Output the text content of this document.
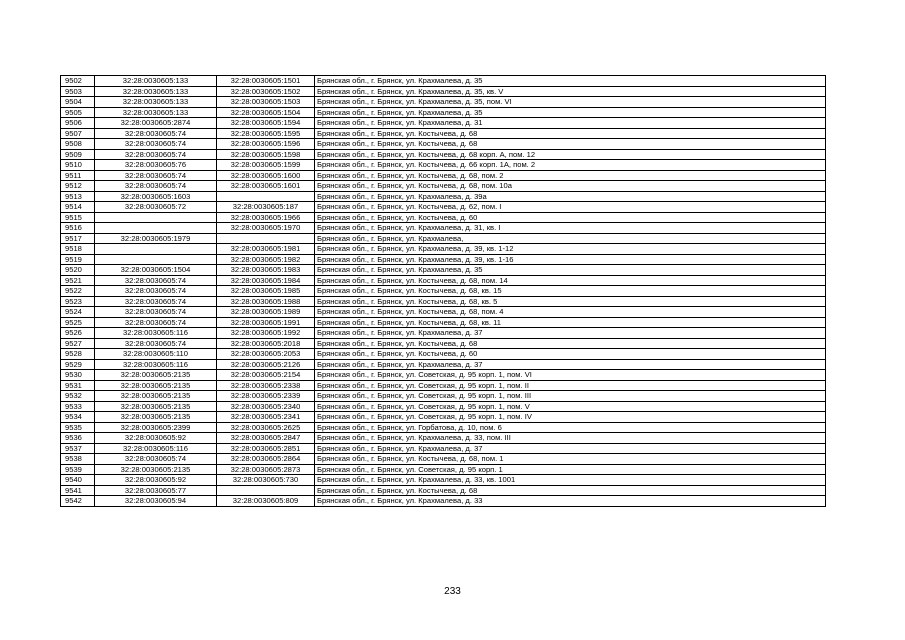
9502	32:28:0030605:133	32:28:0030605:1501	Брянская обл., г. Брянск, ул. Крахмалева, д. 35
9503	32:28:0030605:133	32:28:0030605:1502	Брянская обл., г. Брянск, ул. Крахмалева, д. 35, кв. V
9504	32:28:0030605:133	32:28:0030605:1503	Брянская обл., г. Брянск, ул. Крахмалева, д. 35, пом. VI
9505	32:28:0030605:133	32:28:0030605:1504	Брянская обл., г. Брянск, ул. Крахмалева, д. 35
9506	32:28:0030605:2874	32:28:0030605:1594	Брянская обл., г. Брянск, ул. Крахмалева, д. 31
9507	32:28:0030605:74	32:28:0030605:1595	Брянская обл., г. Брянск, ул. Костычева, д. 68
9508	32:28:0030605:74	32:28:0030605:1596	Брянская обл., г. Брянск, ул. Костычева, д. 68
9509	32:28:0030605:74	32:28:0030605:1598	Брянская обл., г. Брянск, ул. Костычева, д. 68 корп. А, пом. 12
9510	32:28:0030605:76	32:28:0030605:1599	Брянская обл., г. Брянск, ул. Костычева, д. 66 корп. 1А, пом. 2
9511	32:28:0030605:74	32:28:0030605:1600	Брянская обл., г. Брянск, ул. Костычева, д. 68, пом. 2
9512	32:28:0030605:74	32:28:0030605:1601	Брянская обл., г. Брянск, ул. Костычева, д. 68, пом. 10а
9513	32:28:0030605:1603		Брянская обл., г. Брянск, ул. Крахмалева, д. 39а
9514	32:28:0030605:72	32:28:0030605:187	Брянская обл., г. Брянск, ул. Костычева, д. 62, пом. I
9515		32:28:0030605:1966	Брянская обл., г. Брянск, ул. Костычева, д. 60
9516		32:28:0030605:1970	Брянская обл., г. Брянск, ул. Крахмалева, д. 31, кв. I
9517	32:28:0030605:1979		Брянская обл., г. Брянск, ул. Крахмалева,
9518		32:28:0030605:1981	Брянская обл., г. Брянск, ул. Крахмалева, д. 39, кв. 1-12
9519		32:28:0030605:1982	Брянская обл., г. Брянск, ул. Крахмалева, д. 39, кв. 1-16
9520	32:28:0030605:1504	32:28:0030605:1983	Брянская обл., г. Брянск, ул. Крахмалева, д. 35
9521	32:28:0030605:74	32:28:0030605:1984	Брянская обл., г. Брянск, ул. Костычева, д. 68, пом. 14
9522	32:28:0030605:74	32:28:0030605:1985	Брянская обл., г. Брянск, ул. Костычева, д. 68, кв. 15
9523	32:28:0030605:74	32:28:0030605:1988	Брянская обл., г. Брянск, ул. Костычева, д. 68, кв. 5
9524	32:28:0030605:74	32:28:0030605:1989	Брянская обл., г. Брянск, ул. Костычева, д. 68, пом. 4
9525	32:28:0030605:74	32:28:0030605:1991	Брянская обл., г. Брянск, ул. Костычева, д. 68, кв. 11
9526	32:28:0030605:116	32:28:0030605:1992	Брянская обл., г. Брянск, ул. Крахмалева, д. 37
9527	32:28:0030605:74	32:28:0030605:2018	Брянская обл., г. Брянск, ул. Костычева, д. 68
9528	32:28:0030605:110	32:28:0030605:2053	Брянская обл., г. Брянск, ул. Костычева, д. 60
9529	32:28:0030605:116	32:28:0030605:2126	Брянская обл., г. Брянск, ул. Крахмалева, д. 37
9530	32:28:0030605:2135	32:28:0030605:2154	Брянская обл., г. Брянск, ул. Советская, д. 95 корп. 1, пом. VI
9531	32:28:0030605:2135	32:28:0030605:2338	Брянская обл., г. Брянск, ул. Советская, д. 95 корп. 1, пом. II
9532	32:28:0030605:2135	32:28:0030605:2339	Брянская обл., г. Брянск, ул. Советская, д. 95 корп. 1, пом. III
9533	32:28:0030605:2135	32:28:0030605:2340	Брянская обл., г. Брянск, ул. Советская, д. 95 корп. 1, пом. V
9534	32:28:0030605:2135	32:28:0030605:2341	Брянская обл., г. Брянск, ул. Советская, д. 95 корп. 1, пом. IV
9535	32:28:0030605:2399	32:28:0030605:2625	Брянская обл., г. Брянск, ул. Горбатова, д. 10, пом. 6
9536	32:28:0030605:92	32:28:0030605:2847	Брянская обл., г. Брянск, ул. Крахмалева, д. 33, пом. III
9537	32:28:0030605:116	32:28:0030605:2851	Брянская обл., г. Брянск, ул. Крахмалева, д. 37
9538	32:28:0030605:74	32:28:0030605:2864	Брянская обл., г. Брянск, ул. Костычева, д. 68, пом. 1
9539	32:28:0030605:2135	32:28:0030605:2873	Брянская обл., г. Брянск, ул. Советская, д. 95 корп. 1
9540	32:28:0030605:92	32:28:0030605:730	Брянская обл., г. Брянск, ул. Крахмалева, д. 33, кв. 1001
9541	32:28:0030605:77		Брянская обл., г. Брянск, ул. Костычева, д. 68
9542	32:28:0030605:94	32:28:0030605:809	Брянская обл., г. Брянск, ул. Крахмалева, д. 33
233
